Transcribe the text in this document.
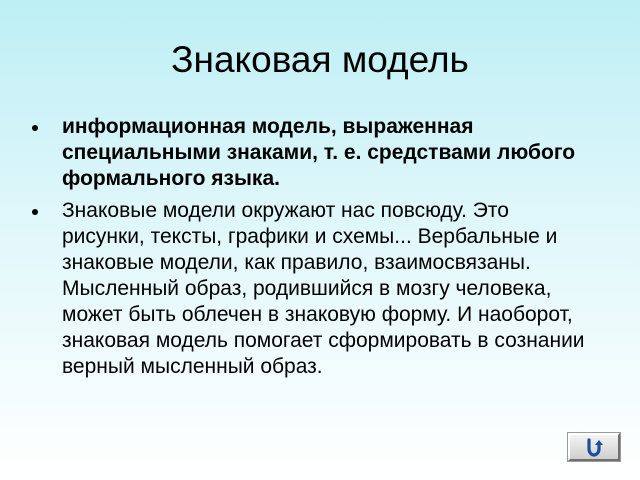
Знаковая модель
информационная модель, выраженная специальными знаками, т. е. средствами любого формального языка.
Знаковые модели окружают нас повсюду. Это рисунки, тексты, графики и схемы... Вербальные и знаковые модели, как правило, взаимосвязаны. Мысленный образ, родившийся в мозгу человека, может быть облечен в знаковую форму. И наоборот, знаковая модель помогает сформировать в сознании верный мысленный образ.
